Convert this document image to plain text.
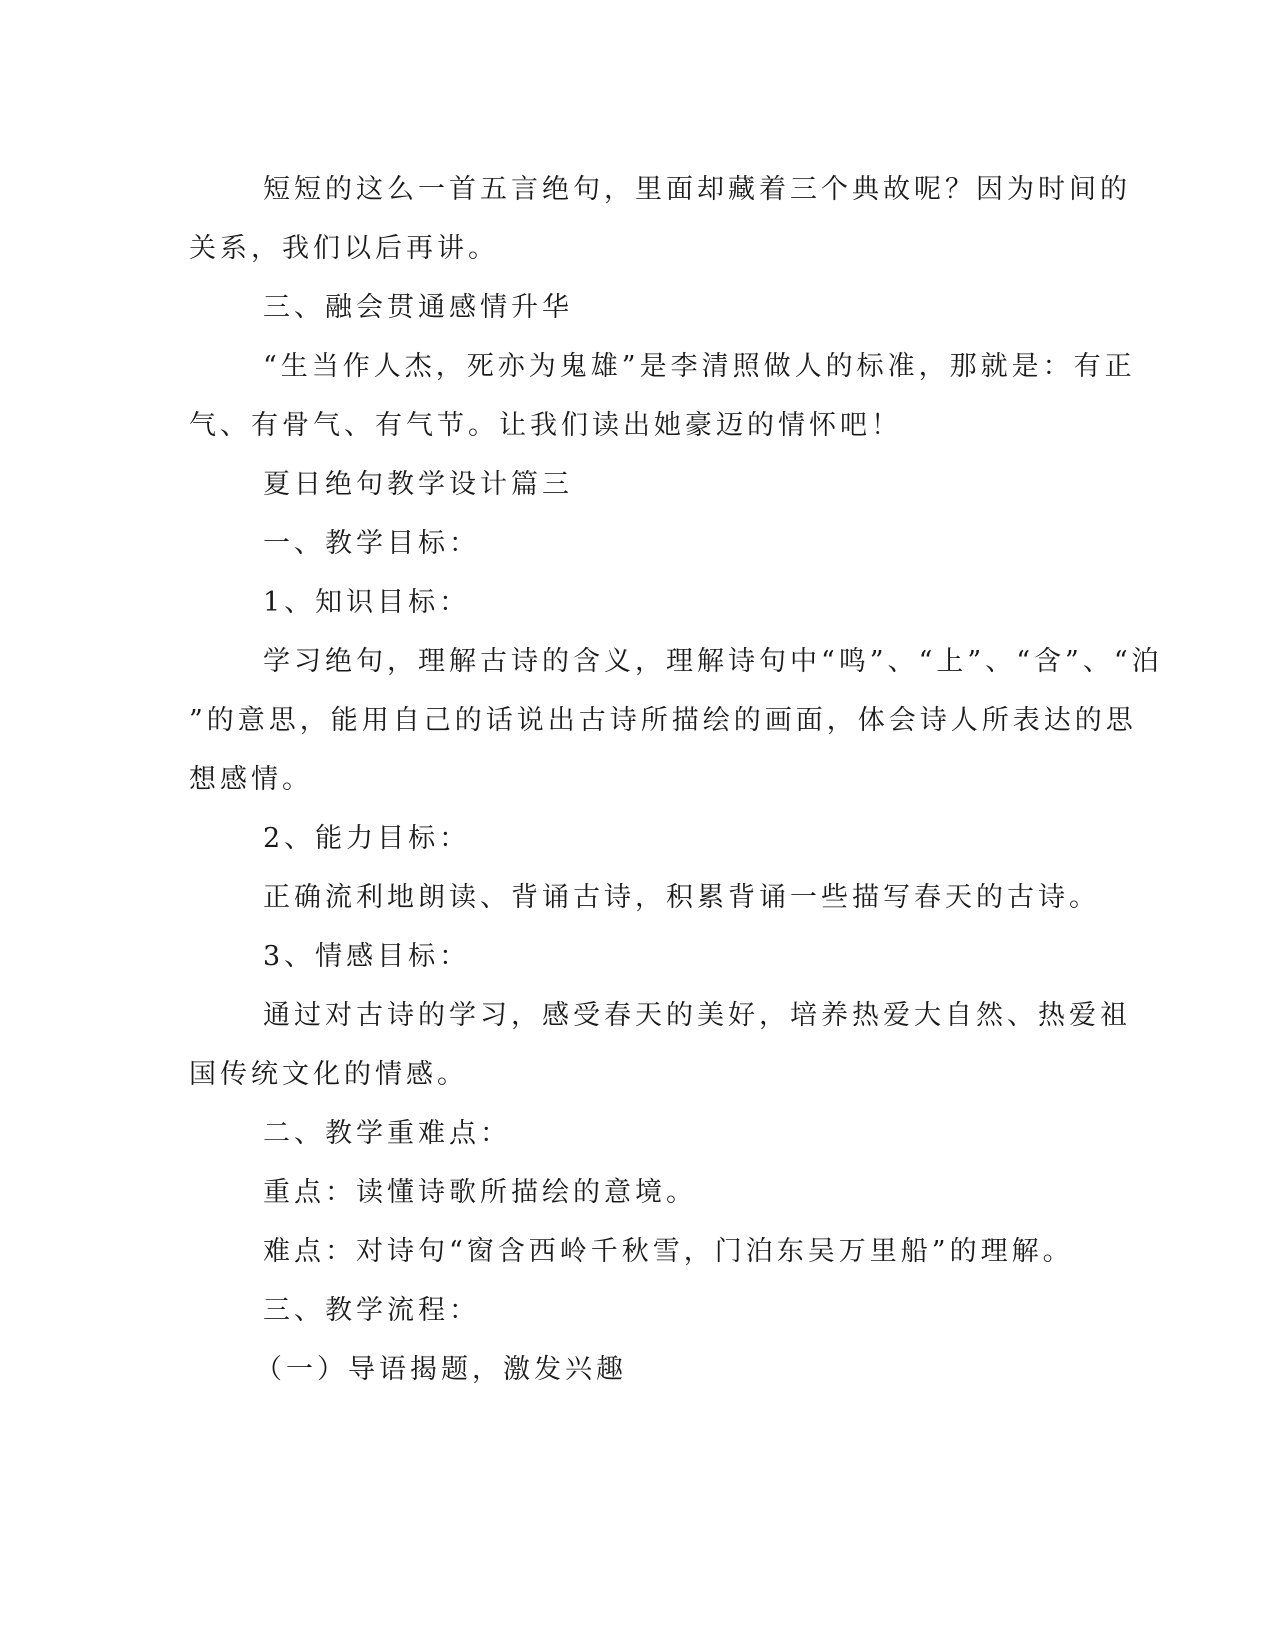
短短的这么一首五言绝句，里面却藏着三个典故呢？因为时间的

关系，我们以后再讲。

三、融会贯通感情升华

“生当作人杰，死亦为鬼雄”是李清照做人的标准，那就是：有正

气、有骨气、有气节。让我们读出她豪迈的情怀吧！

夏日绝句教学设计篇三

一、教学目标：

1、知识目标：

学习绝句，理解古诗的含义，理解诗句中“鸣”、“上”、“含”、“泊

”的意思，能用自己的话说出古诗所描绘的画面，体会诗人所表达的思

想感情。

2、能力目标：

正确流利地朗读、背诵古诗，积累背诵一些描写春天的古诗。

3、情感目标：

通过对古诗的学习，感受春天的美好，培养热爱大自然、热爱祖

国传统文化的情感。

二、教学重难点：

重点：读懂诗歌所描绘的意境。

难点：对诗句“窗含西岭千秋雪，门泊东吴万里船”的理解。

三、教学流程：

（一）导语揭题，激发兴趣
